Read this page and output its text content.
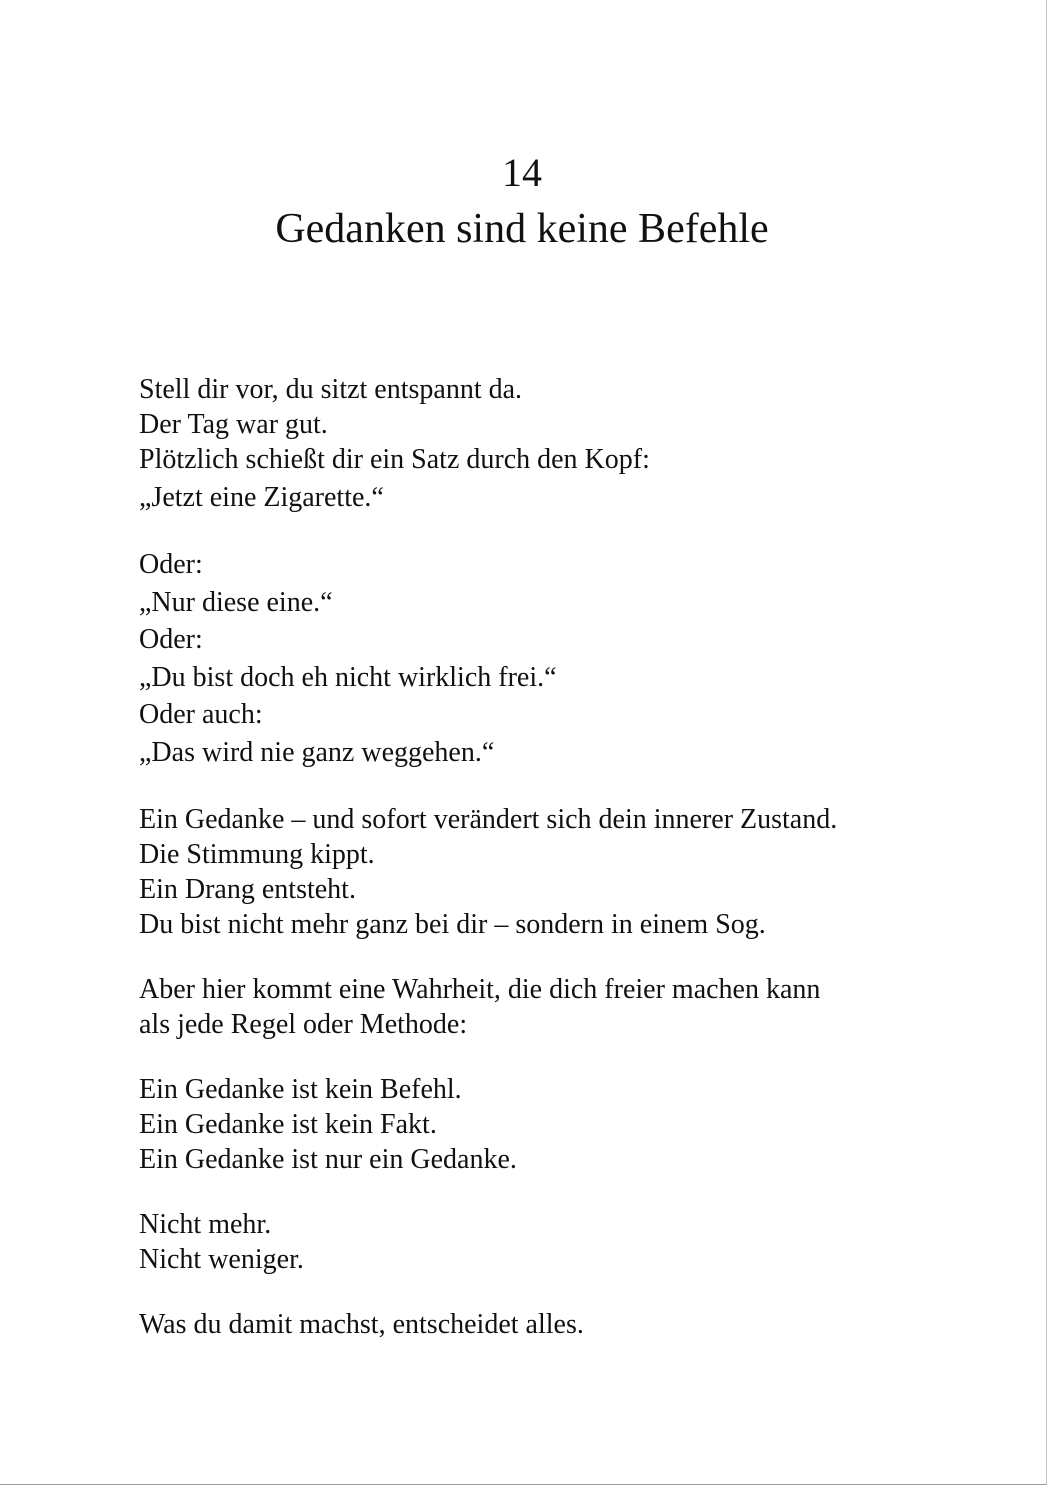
14
Gedanken sind keine Befehle
Stell dir vor, du sitzt entspannt da.
Der Tag war gut.
Plötzlich schießt dir ein Satz durch den Kopf:
„Jetzt eine Zigarette.“
Oder:
„Nur diese eine.“
Oder:
„Du bist doch eh nicht wirklich frei.“
Oder auch:
„Das wird nie ganz weggehen.“
Ein Gedanke – und sofort verändert sich dein innerer Zustand.
Die Stimmung kippt.
Ein Drang entsteht.
Du bist nicht mehr ganz bei dir – sondern in einem Sog.
Aber hier kommt eine Wahrheit, die dich freier machen kann
als jede Regel oder Methode:
Ein Gedanke ist kein Befehl.
Ein Gedanke ist kein Fakt.
Ein Gedanke ist nur ein Gedanke.
Nicht mehr.
Nicht weniger.
Was du damit machst, entscheidet alles.
